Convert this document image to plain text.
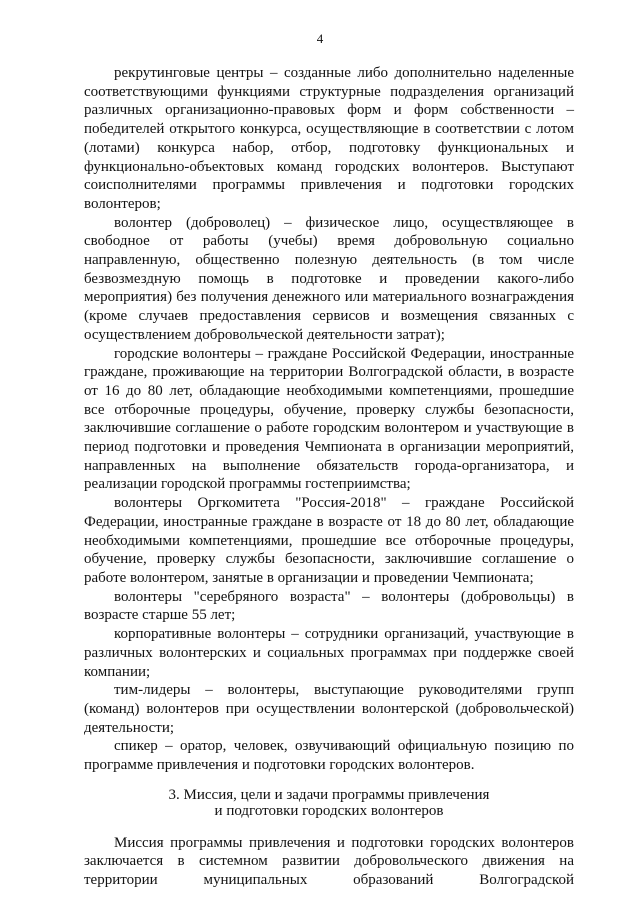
4

рекрутинговые центры – созданные либо дополнительно наделенные соответствующими функциями структурные подразделения организаций различных организационно-правовых форм и форм собственности – победителей открытого конкурса, осуществляющие в соответствии с лотом (лотами) конкурса набор, отбор, подготовку функциональных и функционально-объектовых команд городских волонтеров. Выступают соисполнителями программы привлечения и подготовки городских волонтеров;

волонтер (доброволец) – физическое лицо, осуществляющее в свободное от работы (учебы) время добровольную социально направленную, общественно полезную деятельность (в том числе безвозмездную помощь в подготовке и проведении какого-либо мероприятия) без получения денежного или материального вознаграждения (кроме случаев предоставления сервисов и возмещения связанных с осуществлением добровольческой деятельности затрат);

городские волонтеры – граждане Российской Федерации, иностранные граждане, проживающие на территории Волгоградской области, в возрасте от 16 до 80 лет, обладающие необходимыми компетенциями, прошедшие все отборочные процедуры, обучение, проверку службы безопасности, заключившие соглашение о работе городским волонтером и участвующие в период подготовки и проведения Чемпионата в организации мероприятий, направленных на выполнение обязательств города-организатора, и реализации городской программы гостеприимства;

волонтеры Оргкомитета "Россия-2018" – граждане Российской Федерации, иностранные граждане в возрасте от 18 до 80 лет, обладающие необходимыми компетенциями, прошедшие все отборочные процедуры, обучение, проверку службы безопасности, заключившие соглашение о работе волонтером, занятые в организации и проведении Чемпионата;

волонтеры "серебряного возраста" – волонтеры (добровольцы) в возрасте старше 55 лет;

корпоративные волонтеры – сотрудники организаций, участвующие в различных волонтерских и социальных программах при поддержке своей компании;

тим-лидеры – волонтеры, выступающие руководителями групп (команд) волонтеров при осуществлении волонтерской (добровольческой) деятельности;

спикер – оратор, человек, озвучивающий официальную позицию по программе привлечения и подготовки городских волонтеров.

3. Миссия, цели и задачи программы привлечения
и подготовки городских волонтеров

Миссия программы привлечения и подготовки городских волонтеров заключается в системном развитии добровольческого движения на территории муниципальных образований Волгоградской
